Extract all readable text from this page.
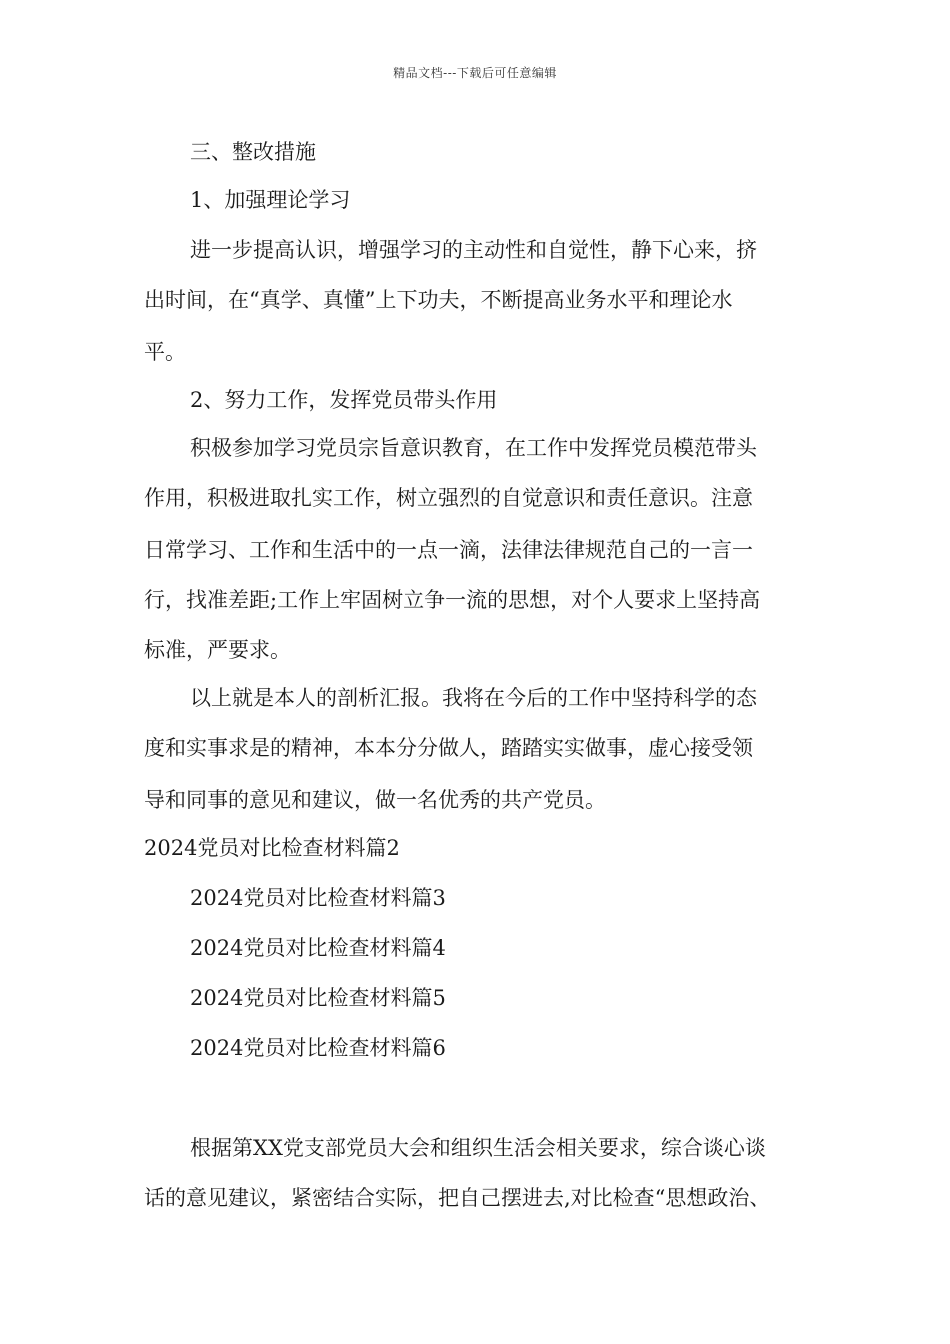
精品文档---下载后可任意编辑
三、整改措施
1、加强理论学习
进一步提高认识，增强学习的主动性和自觉性，静下心来，挤
出时间，在“真学、真懂”上下功夫，不断提高业务水平和理论水
平。
2、努力工作，发挥党员带头作用
积极参加学习党员宗旨意识教育，在工作中发挥党员模范带头
作用，积极进取扎实工作，树立强烈的自觉意识和责任意识。注意
日常学习、工作和生活中的一点一滴，法律法律规范自己的一言一
行，找准差距;工作上牢固树立争一流的思想，对个人要求上坚持高
标准，严要求。
以上就是本人的剖析汇报。我将在今后的工作中坚持科学的态
度和实事求是的精神，本本分分做人，踏踏实实做事，虚心接受领
导和同事的意见和建议，做一名优秀的共产党员。
2024党员对比检查材料篇2
2024党员对比检查材料篇3
2024党员对比检查材料篇4
2024党员对比检查材料篇5
2024党员对比检查材料篇6
根据第XX党支部党员大会和组织生活会相关要求，综合谈心谈
话的意见建议，紧密结合实际，把自己摆进去,对比检查“思想政治、
